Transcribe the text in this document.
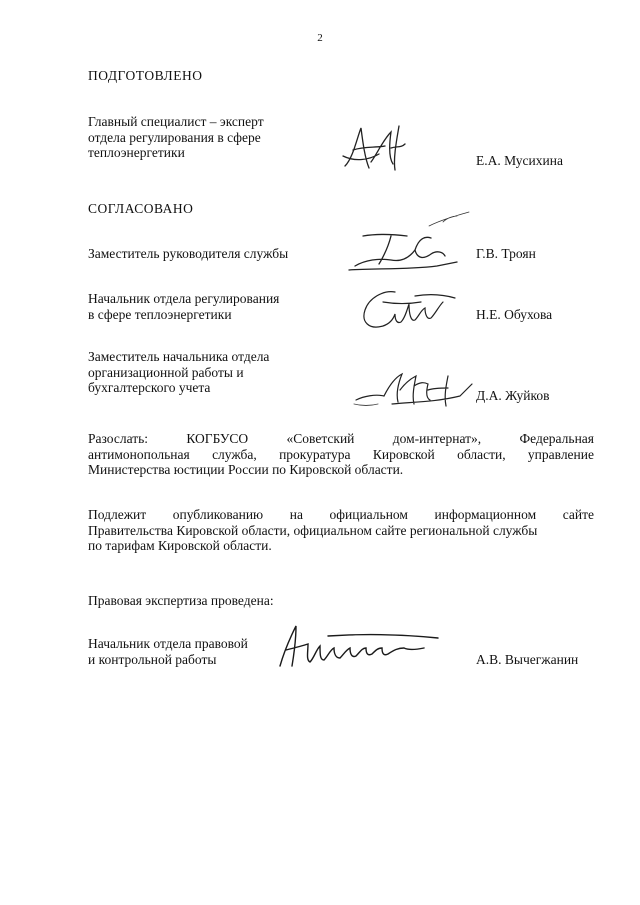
2
ПОДГОТОВЛЕНО
Главный специалист – эксперт
отдела регулирования в сфере
теплоэнергетики
Е.А. Мусихина
СОГЛАСОВАНО
Заместитель руководителя службы	Г.В. Троян
Начальник отдела регулирования
в сфере теплоэнергетики	Н.Е. Обухова
Заместитель начальника отдела
организационной работы и
бухгалтерского учета
Д.А. Жуйков
Разослать:	КОГБУСО	«Советский	дом-интернат»,	Федеральная
антимонопольная служба, прокуратура Кировской области, управление
Министерства юстиции России по Кировской области.
Подлежит опубликованию на официальном информационном сайте
Правительства Кировской области, официальном сайте региональной службы
по тарифам Кировской области.
Правовая экспертиза проведена:
Начальник отдела правовой
и контрольной работы	А.В. Вычегжанин
